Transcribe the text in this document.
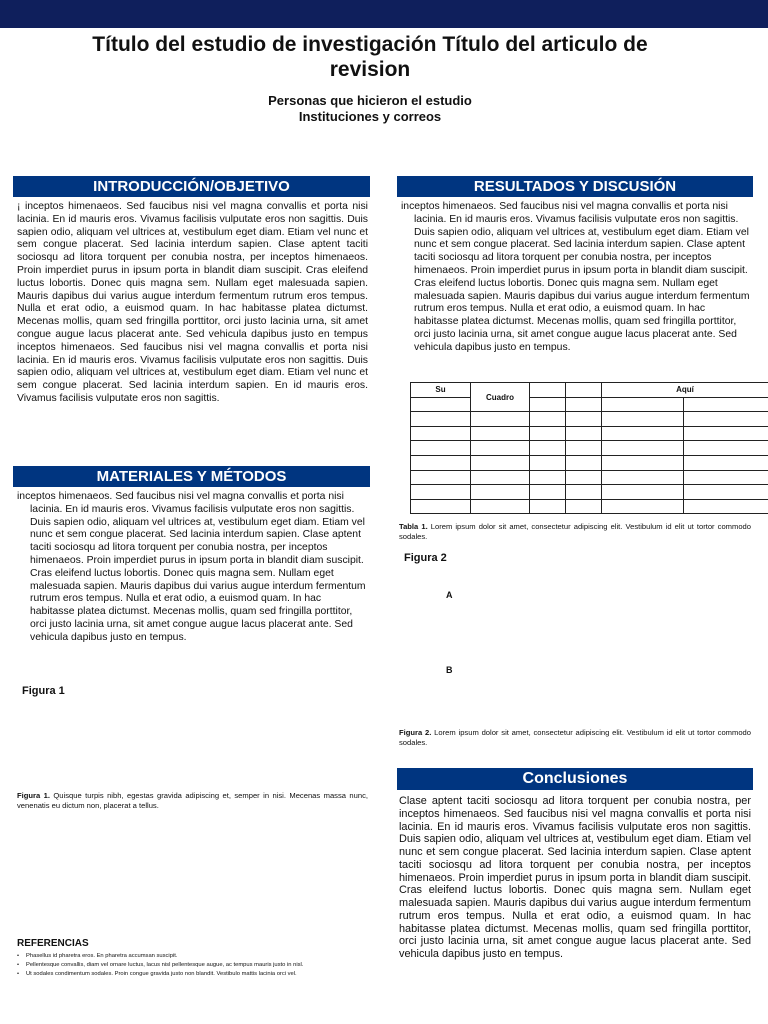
Título del estudio de investigación Título del articulo de revision
Personas que hicieron el estudio
Instituciones y correos
INTRODUCCIÓN/OBJETIVO
¡ inceptos himenaeos. Sed faucibus nisi vel magna convallis et porta nisi lacinia. En id mauris eros. Vivamus facilisis vulputate eros non sagittis. Duis sapien odio, aliquam vel ultrices at, vestibulum eget diam. Etiam vel nunc et sem congue placerat. Sed lacinia interdum sapien. Clase aptent taciti sociosqu ad litora torquent per conubia nostra, per inceptos himenaeos. Proin imperdiet purus in ipsum porta in blandit diam suscipit. Cras eleifend luctus lobortis. Donec quis magna sem. Nullam eget malesuada sapien. Mauris dapibus dui varius augue interdum fermentum rutrum eros tempus. Nulla et erat odio, a euismod quam. In hac habitasse platea dictumst. Mecenas mollis, quam sed fringilla porttitor, orci justo lacinia urna, sit amet congue augue lacus placerat ante. Sed vehicula dapibus justo en tempus inceptos himenaeos. Sed faucibus nisi vel magna convallis et porta nisi lacinia. En id mauris eros. Vivamus facilisis vulputate eros non sagittis. Duis sapien odio, aliquam vel ultrices at, vestibulum eget diam. Etiam vel nunc et sem congue placerat. Sed lacinia interdum sapien. En id mauris eros. Vivamus facilisis vulputate eros non sagittis.
MATERIALES Y MÉTODOS
inceptos himenaeos. Sed faucibus nisi vel magna convallis et porta nisi lacinia. En id mauris eros. Vivamus facilisis vulputate eros non sagittis. Duis sapien odio, aliquam vel ultrices at, vestibulum eget diam. Etiam vel nunc et sem congue placerat. Sed lacinia interdum sapien. Clase aptent taciti sociosqu ad litora torquent per conubia nostra, per inceptos himenaeos. Proin imperdiet purus in ipsum porta in blandit diam suscipit. Cras eleifend luctus lobortis. Donec quis magna sem. Nullam eget malesuada sapien. Mauris dapibus dui varius augue interdum fermentum rutrum eros tempus. Nulla et erat odio, a euismod quam. In hac habitasse platea dictumst. Mecenas mollis, quam sed fringilla porttitor, orci justo lacinia urna, sit amet congue augue lacus placerat ante. Sed vehicula dapibus justo en tempus.
Figura 1
Figura 1. Quisque turpis nibh, egestas gravida adipiscing et, semper in nisi. Mecenas massa nunc, venenatis eu dictum non, placerat a tellus.
REFERENCIAS
• Phasellus id pharetra eros. En pharetra accumsan suscipit.
• Pellentesque convallis, diam vel ornare luctus, lacus nisl pellentesque augue, ac tempus mauris justo in nisl.
• Ut sodales condimentum sodales. Proin congue gravida justo non blandit. Vestibulo mattis lacinia orci vel.
RESULTADOS Y DISCUSIÓN
inceptos himenaeos. Sed faucibus nisi vel magna convallis et porta nisi lacinia. En id mauris eros. Vivamus facilisis vulputate eros non sagittis. Duis sapien odio, aliquam vel ultrices at, vestibulum eget diam. Etiam vel nunc et sem congue placerat. Sed lacinia interdum sapien. Clase aptent taciti sociosqu ad litora torquent per conubia nostra, per inceptos himenaeos. Proin imperdiet purus in ipsum porta in blandit diam suscipit. Cras eleifend luctus lobortis. Donec quis magna sem. Nullam eget malesuada sapien. Mauris dapibus dui varius augue interdum fermentum rutrum eros tempus. Nulla et erat odio, a euismod quam. In hac habitasse platea dictumst. Mecenas mollis, quam sed fringilla porttitor, orci justo lacinia urna, sit amet congue augue lacus placerat ante. Sed vehicula dapibus justo en tempus.
Su	Cuadro			Aquí	

Tabla 1. Lorem ipsum dolor sit amet, consectetur adipiscing elit. Vestibulum id elit ut tortor commodo sodales.
Figura 2
A
B
Figura 2. Lorem ipsum dolor sit amet, consectetur adipiscing elit. Vestibulum id elit ut tortor commodo sodales.
Conclusiones
Clase aptent taciti sociosqu ad litora torquent per conubia nostra, per inceptos himenaeos. Sed faucibus nisi vel magna convallis et porta nisi lacinia. En id mauris eros. Vivamus facilisis vulputate eros non sagittis. Duis sapien odio, aliquam vel ultrices at, vestibulum eget diam. Etiam vel nunc et sem congue placerat. Sed lacinia interdum sapien. Clase aptent taciti sociosqu ad litora torquent per conubia nostra, per inceptos himenaeos. Proin imperdiet purus in ipsum porta in blandit diam suscipit. Cras eleifend luctus lobortis. Donec quis magna sem. Nullam eget malesuada sapien. Mauris dapibus dui varius augue interdum fermentum rutrum eros tempus. Nulla et erat odio, a euismod quam. In hac habitasse platea dictumst. Mecenas mollis, quam sed fringilla porttitor, orci justo lacinia urna, sit amet congue augue lacus placerat ante. Sed vehicula dapibus justo en tempus.
